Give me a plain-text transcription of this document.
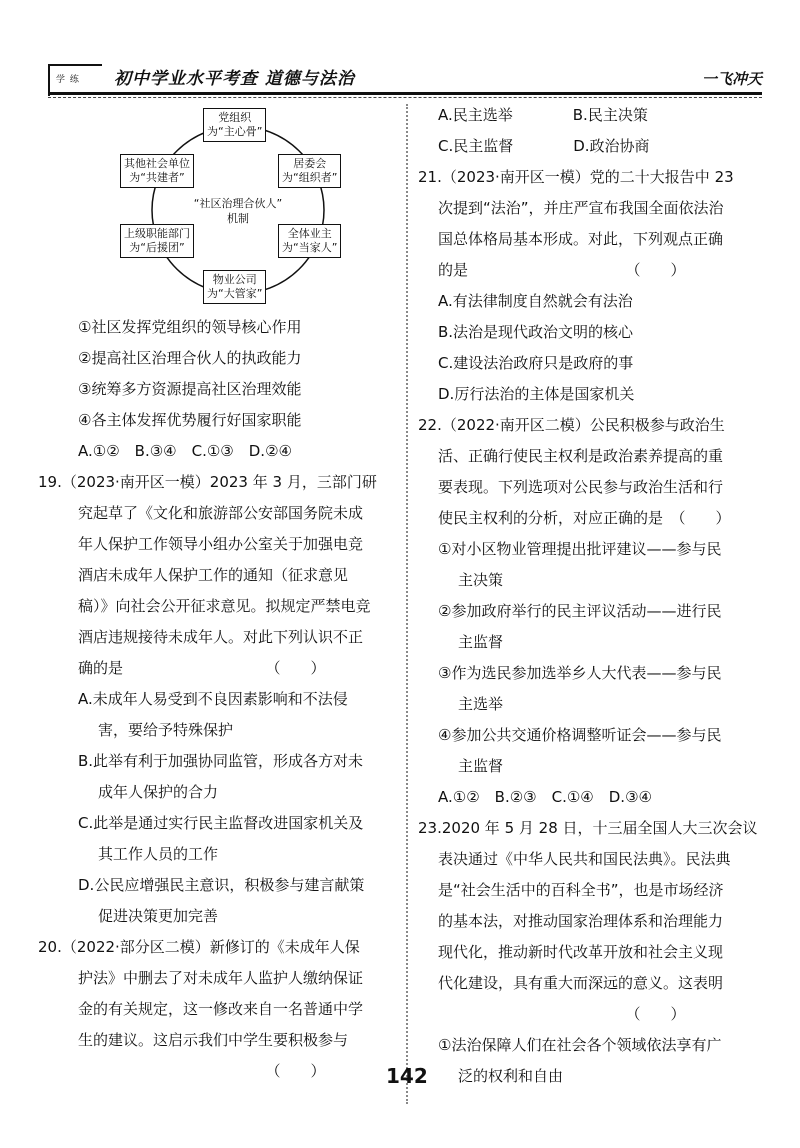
学 练 初中学业水平考查 道德与法治	一飞冲天
党组织
为“主心骨”
其他社会单位
为“共建者”
居委会
为“组织者”
“社区治理合伙人”
机制
上级职能部门
为“后援团”
全体业主
为“当家人”
物业公司
为“大管家”
①社区发挥党组织的领导核心作用
②提高社区治理合伙人的执政能力
③统筹多方资源提高社区治理效能
④各主体发挥优势履行好国家职能
A.①②　B.③④　C.①③　D.②④
19.（2023·南开区一模）2023 年 3 月，三部门研
究起草了《文化和旅游部公安部国务院未成
年人保护工作领导小组办公室关于加强电竞
酒店未成年人保护工作的通知（征求意见
稿）》向社会公开征求意见。拟规定严禁电竞
酒店违规接待未成年人。对此下列认识不正
确的是　　　　　　　　　　（　　）
A.未成年人易受到不良因素影响和不法侵
害，要给予特殊保护
B.此举有利于加强协同监管，形成各方对未
成年人保护的合力
C.此举是通过实行民主监督改进国家机关及
其工作人员的工作
D.公民应增强民主意识，积极参与建言献策
促进决策更加完善
20.（2022·部分区二模）新修订的《未成年人保
护法》中删去了对未成年人监护人缴纳保证
金的有关规定，这一修改来自一名普通中学
生的建议。这启示我们中学生要积极参与
　　　　　　　　　　　　　（　　）
A.民主选举　　　　B.民主决策
C.民主监督　　　　D.政治协商
21.（2023·南开区一模）党的二十大报告中 23
次提到“法治”，并庄严宣布我国全面依法治
国总体格局基本形成。对此，下列观点正确
的是　　　　　　　　　　　（　　）
A.有法律制度自然就会有法治
B.法治是现代政治文明的核心
C.建设法治政府只是政府的事
D.厉行法治的主体是国家机关
22.（2022·南开区二模）公民积极参与政治生
活、正确行使民主权利是政治素养提高的重
要表现。下列选项对公民参与政治生活和行
使民主权利的分析，对应正确的是　（　　）
①对小区物业管理提出批评建议——参与民
主决策
②参加政府举行的民主评议活动——进行民
主监督
③作为选民参加选举乡人大代表——参与民
主选举
④参加公共交通价格调整听证会——参与民
主监督
A.①②　B.②③　C.①④　D.③④
23.2020 年 5 月 28 日，十三届全国人大三次会议
表决通过《中华人民共和国民法典》。民法典
是“社会生活中的百科全书”，也是市场经济
的基本法，对推动国家治理体系和治理能力
现代化，推动新时代改革开放和社会主义现
代化建设，具有重大而深远的意义。这表明
　　　　　　　　　　　　　（　　）
①法治保障人们在社会各个领域依法享有广
泛的权利和自由
142
